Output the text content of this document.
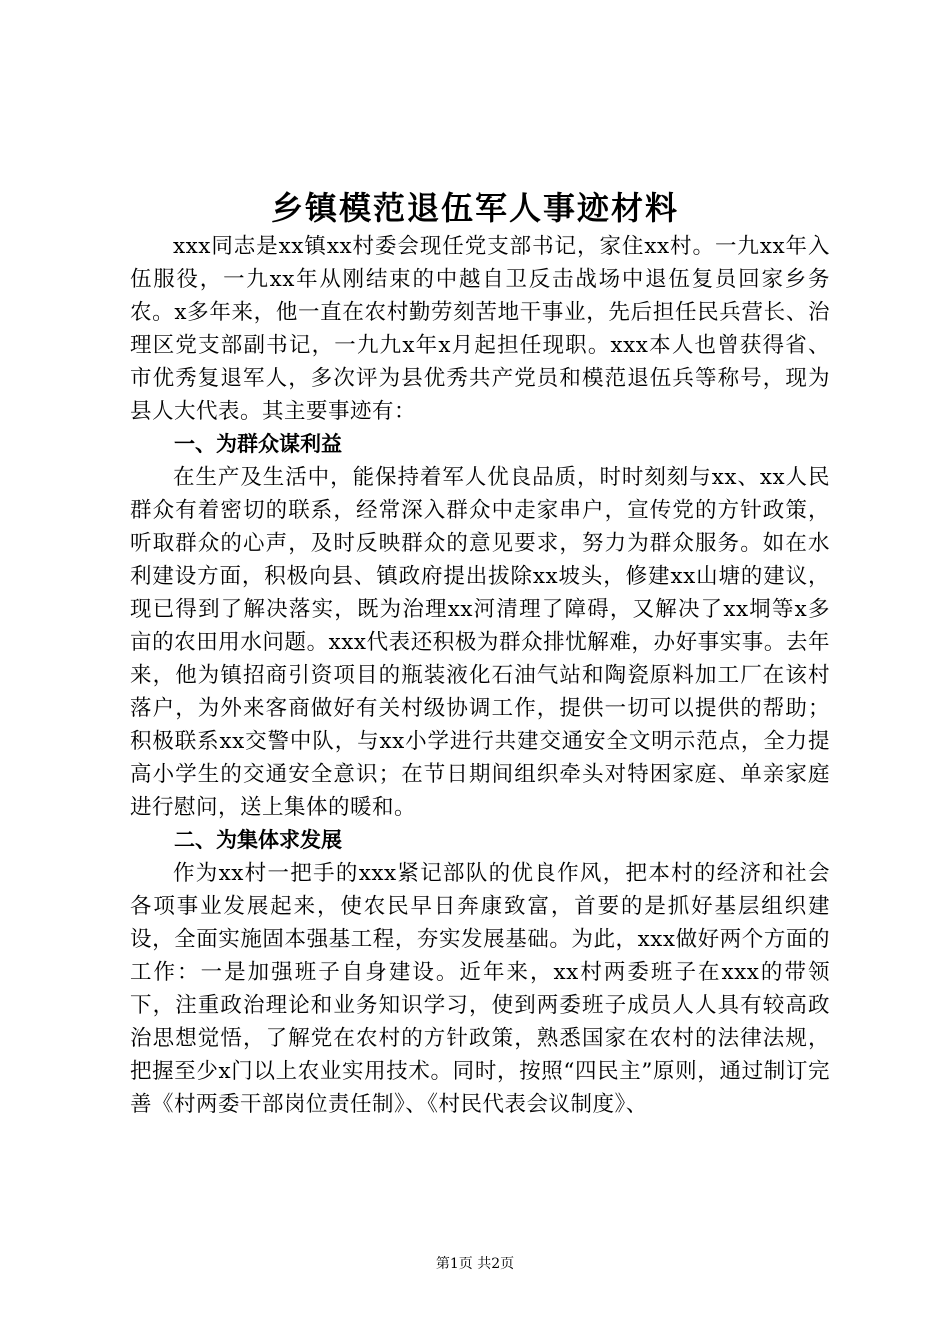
乡镇模范退伍军人事迹材料

xxx同志是xx镇xx村委会现任党支部书记，家住xx村。一九xx年入伍服役，一九xx年从刚结束的中越自卫反击战场中退伍复员回家乡务农。x多年来，他一直在农村勤劳刻苦地干事业，先后担任民兵营长、治理区党支部副书记，一九九x年x月起担任现职。xxx本人也曾获得省、市优秀复退军人，多次评为县优秀共产党员和模范退伍兵等称号，现为县人大代表。其主要事迹有：

一、为群众谋利益

在生产及生活中，能保持着军人优良品质，时时刻刻与xx、xx人民群众有着密切的联系，经常深入群众中走家串户，宣传党的方针政策，听取群众的心声，及时反映群众的意见要求，努力为群众服务。如在水利建设方面，积极向县、镇政府提出拔除xx坡头，修建xx山塘的建议，现已得到了解决落实，既为治理xx河清理了障碍，又解决了xx垌等x多亩的农田用水问题。xxx代表还积极为群众排忧解难，办好事实事。去年来，他为镇招商引资项目的瓶装液化石油气站和陶瓷原料加工厂在该村落户，为外来客商做好有关村级协调工作，提供一切可以提供的帮助；积极联系xx交警中队，与xx小学进行共建交通安全文明示范点，全力提高小学生的交通安全意识；在节日期间组织牵头对特困家庭、单亲家庭进行慰问，送上集体的暖和。

二、为集体求发展

作为xx村一把手的xxx紧记部队的优良作风，把本村的经济和社会各项事业发展起来，使农民早日奔康致富，首要的是抓好基层组织建设，全面实施固本强基工程，夯实发展基础。为此，xxx做好两个方面的工作：一是加强班子自身建设。近年来，xx村两委班子在xxx的带领下，注重政治理论和业务知识学习，使到两委班子成员人人具有较高政治思想觉悟，了解党在农村的方针政策，熟悉国家在农村的法律法规，把握至少x门以上农业实用技术。同时，按照“四民主”原则，通过制订完善《村两委干部岗位责任制》、《村民代表会议制度》、

第1页 共2页
